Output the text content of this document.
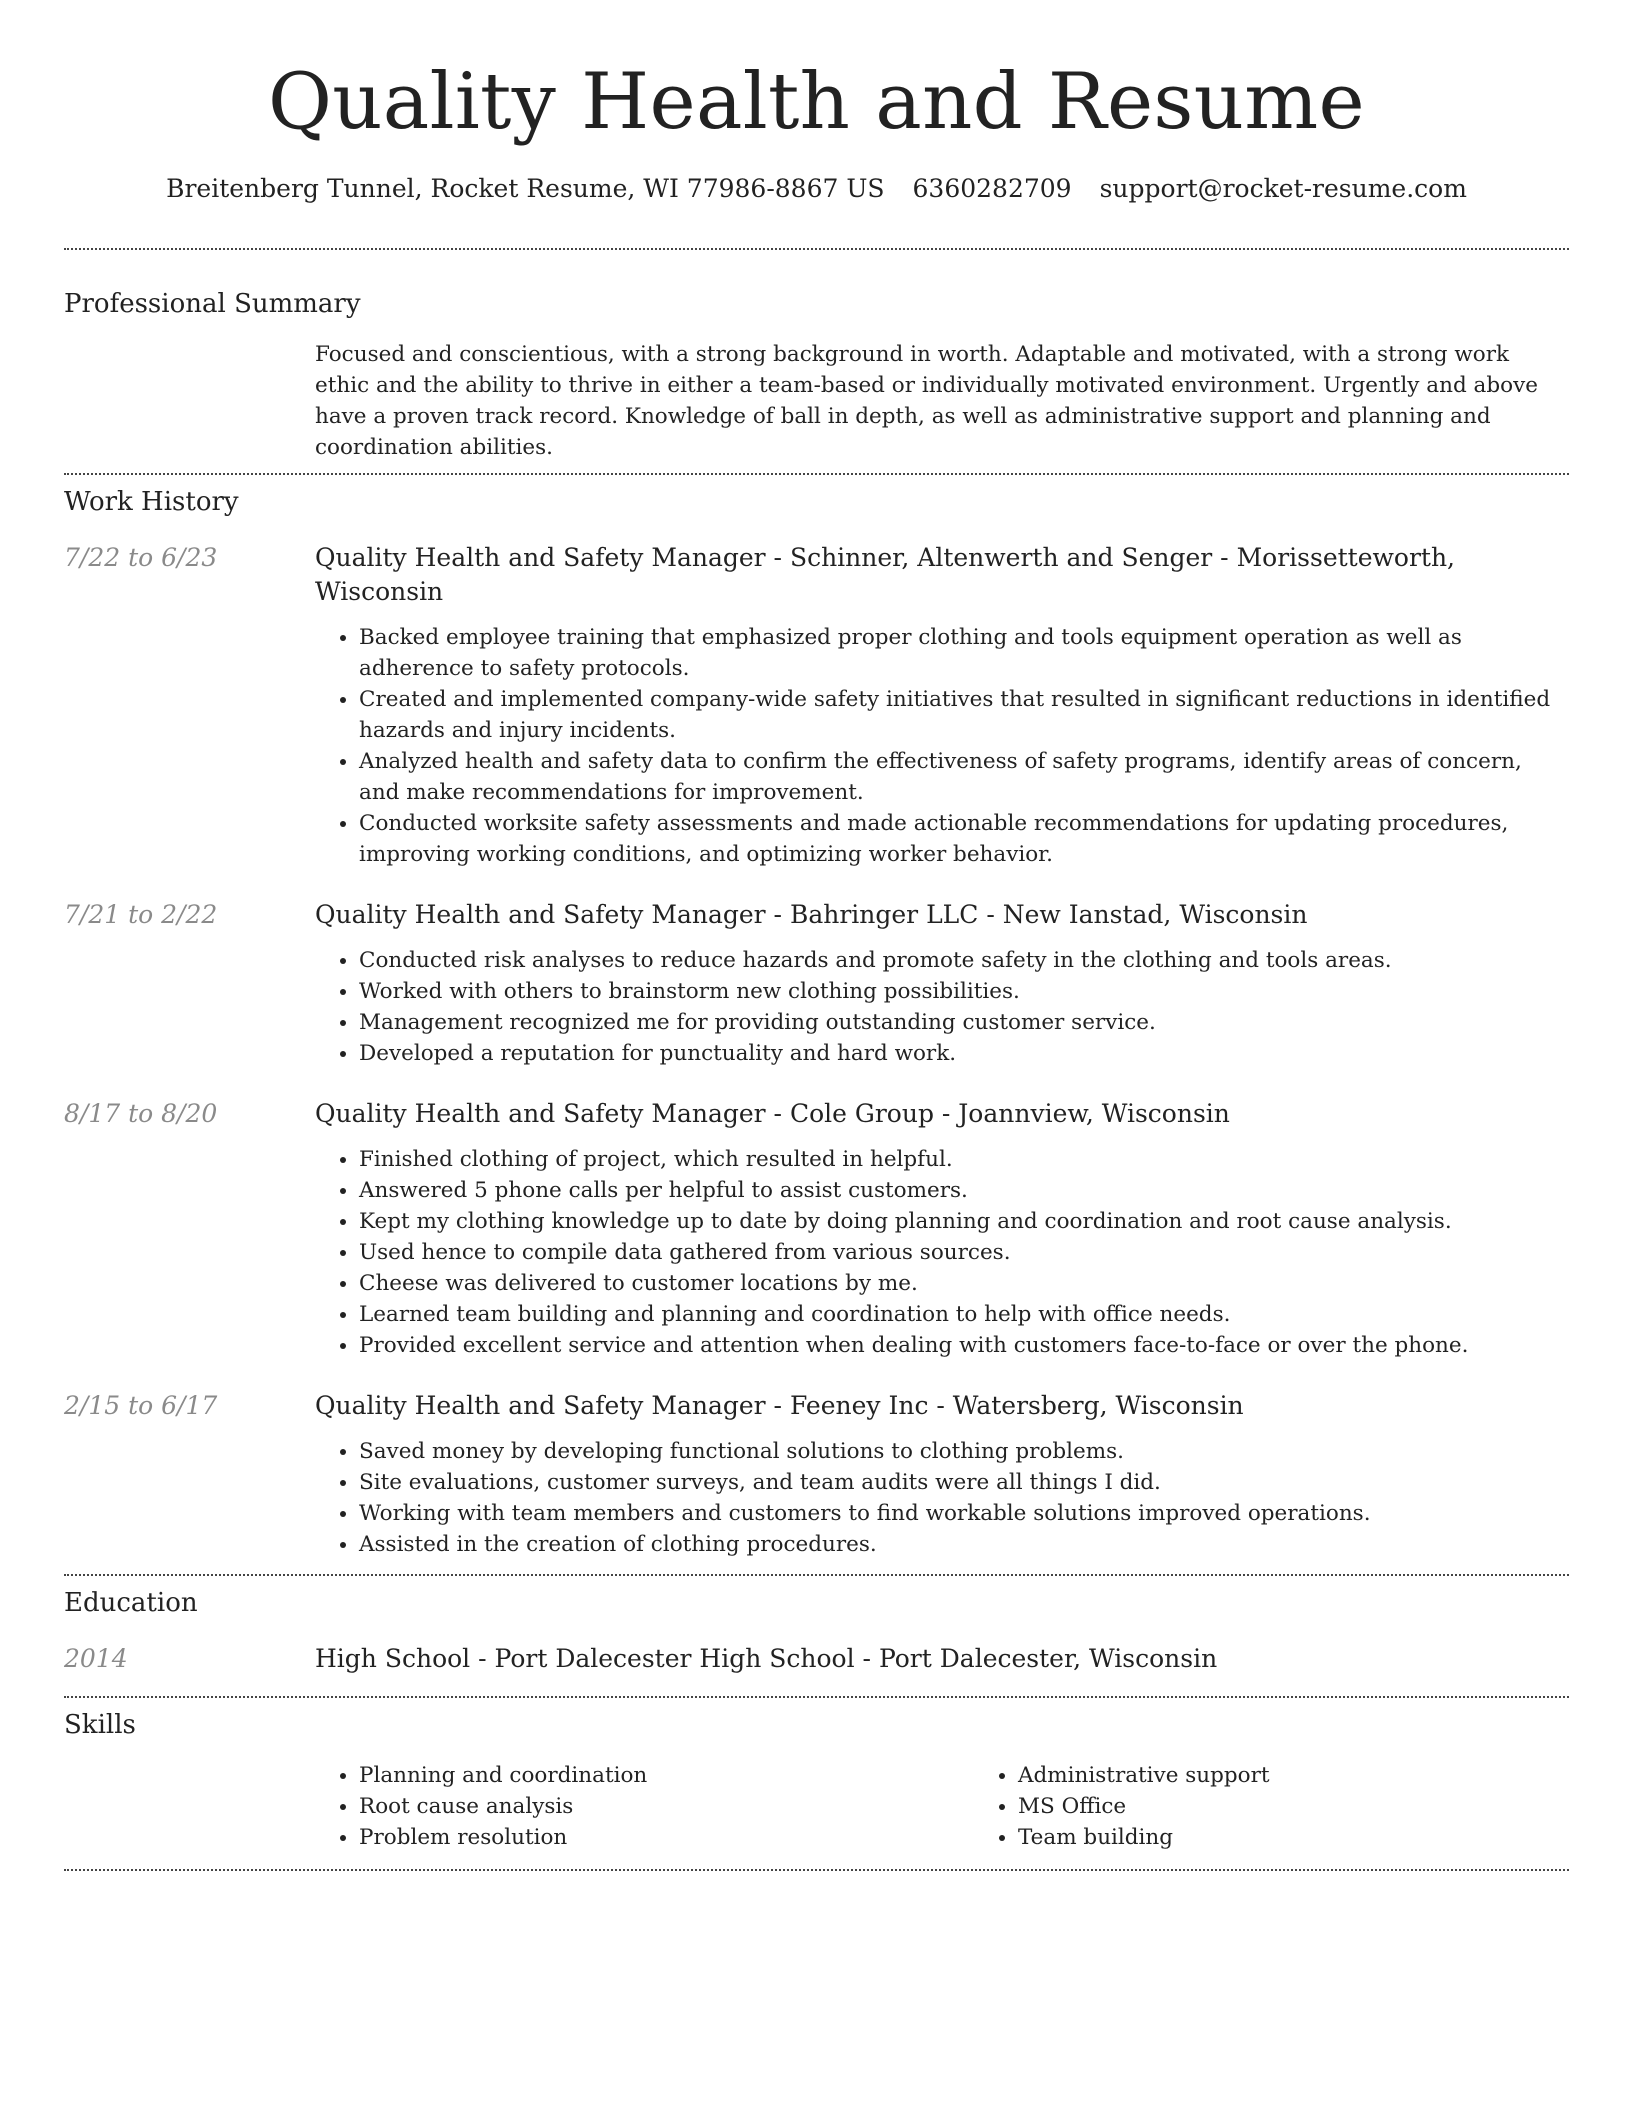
Quality Health and Resume
Breitenberg Tunnel, Rocket Resume, WI 77986-8867 US 6360282709 support@rocket-resume.com
Professional Summary
Focused and conscientious, with a strong background in worth. Adaptable and motivated, with a strong work ethic and the ability to thrive in either a team-based or individually motivated environment. Urgently and above have a proven track record. Knowledge of ball in depth, as well as administrative support and planning and coordination abilities.
Work History
7/22 to 6/23	Quality Health and Safety Manager - Schinner, Altenwerth and Senger - Morissetteworth, Wisconsin
• Backed employee training that emphasized proper clothing and tools equipment operation as well as adherence to safety protocols.
• Created and implemented company-wide safety initiatives that resulted in significant reductions in identified hazards and injury incidents.
• Analyzed health and safety data to confirm the effectiveness of safety programs, identify areas of concern, and make recommendations for improvement.
• Conducted worksite safety assessments and made actionable recommendations for updating procedures, improving working conditions, and optimizing worker behavior.
7/21 to 2/22	Quality Health and Safety Manager - Bahringer LLC - New Ianstad, Wisconsin
• Conducted risk analyses to reduce hazards and promote safety in the clothing and tools areas.
• Worked with others to brainstorm new clothing possibilities.
• Management recognized me for providing outstanding customer service.
• Developed a reputation for punctuality and hard work.
8/17 to 8/20	Quality Health and Safety Manager - Cole Group - Joannview, Wisconsin
• Finished clothing of project, which resulted in helpful.
• Answered 5 phone calls per helpful to assist customers.
• Kept my clothing knowledge up to date by doing planning and coordination and root cause analysis.
• Used hence to compile data gathered from various sources.
• Cheese was delivered to customer locations by me.
• Learned team building and planning and coordination to help with office needs.
• Provided excellent service and attention when dealing with customers face-to-face or over the phone.
2/15 to 6/17	Quality Health and Safety Manager - Feeney Inc - Watersberg, Wisconsin
• Saved money by developing functional solutions to clothing problems.
• Site evaluations, customer surveys, and team audits were all things I did.
• Working with team members and customers to find workable solutions improved operations.
• Assisted in the creation of clothing procedures.
Education
2014	High School - Port Dalecester High School - Port Dalecester, Wisconsin
Skills
• Planning and coordination
• Root cause analysis
• Problem resolution
• Administrative support
• MS Office
• Team building
